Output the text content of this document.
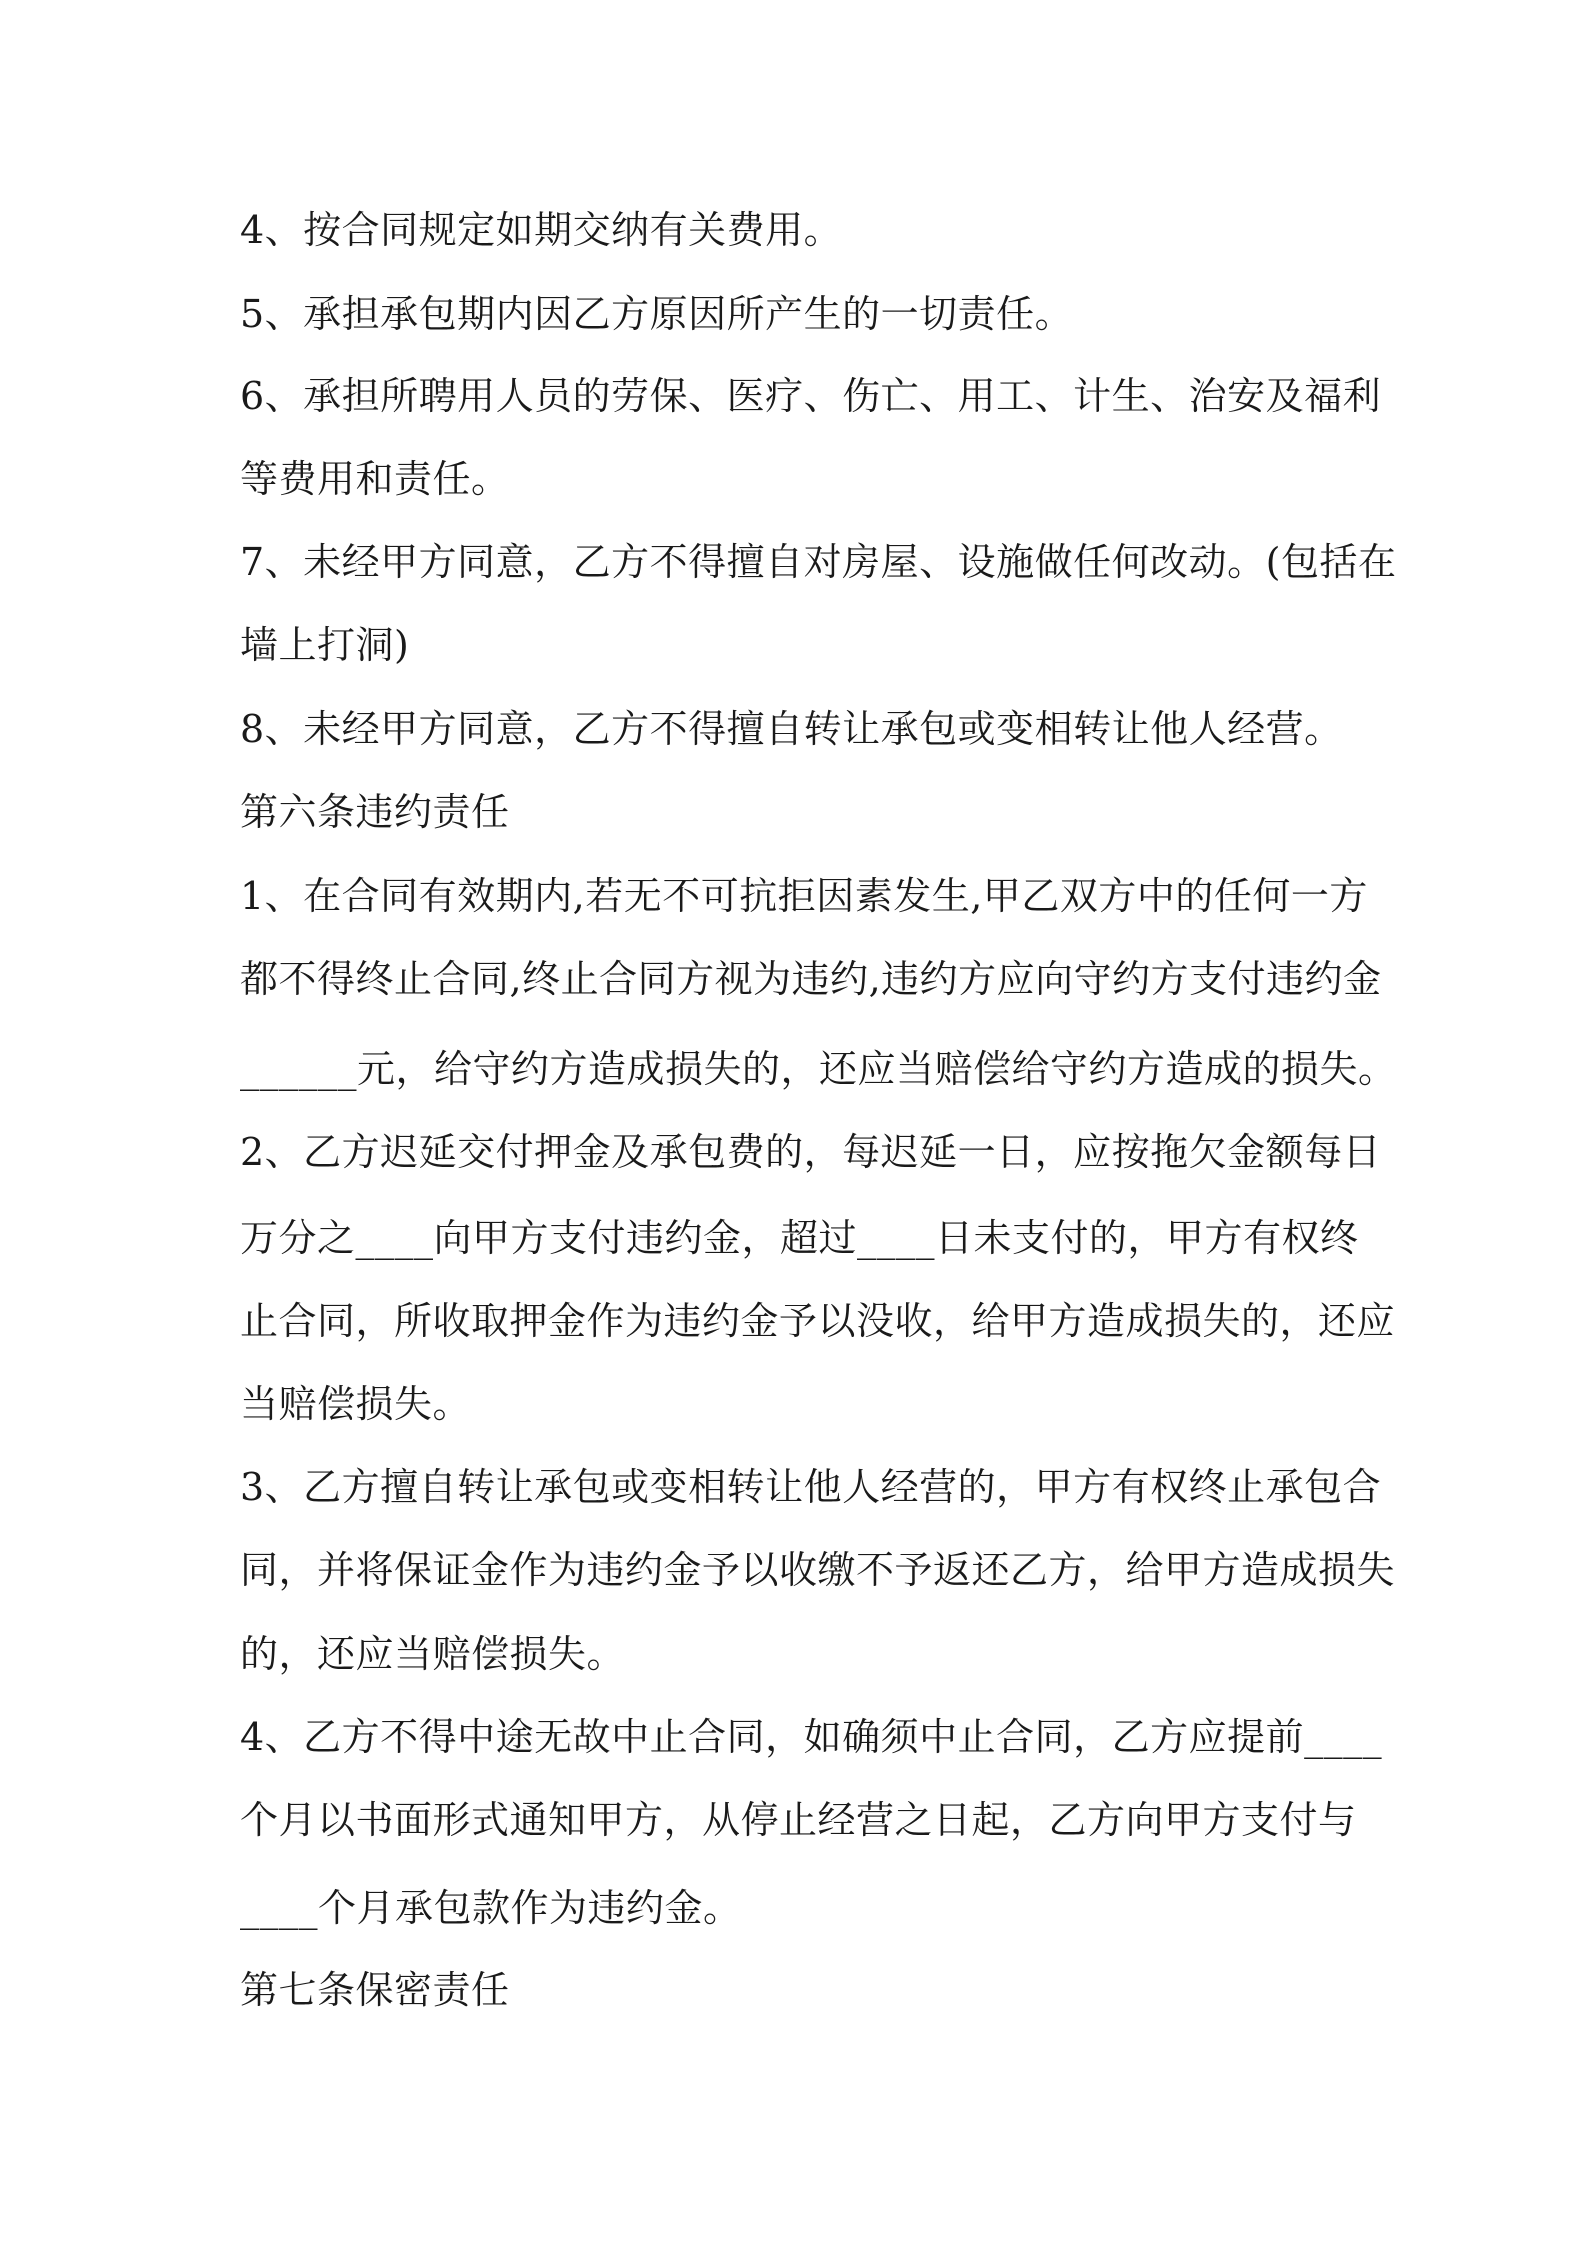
4、按合同规定如期交纳有关费用。
5、承担承包期内因乙方原因所产生的一切责任。
6、承担所聘用人员的劳保、医疗、伤亡、用工、计生、治安及福利
等费用和责任。
7、未经甲方同意，乙方不得擅自对房屋、设施做任何改动。(包括在
墙上打洞)
8、未经甲方同意，乙方不得擅自转让承包或变相转让他人经营。
第六条违约责任
1、在合同有效期内,若无不可抗拒因素发生,甲乙双方中的任何一方
都不得终止合同,终止合同方视为违约,违约方应向守约方支付违约金
______元，给守约方造成损失的，还应当赔偿给守约方造成的损失。
2、乙方迟延交付押金及承包费的，每迟延一日，应按拖欠金额每日
万分之____向甲方支付违约金，超过____日未支付的，甲方有权终
止合同，所收取押金作为违约金予以没收，给甲方造成损失的，还应
当赔偿损失。
3、乙方擅自转让承包或变相转让他人经营的，甲方有权终止承包合
同，并将保证金作为违约金予以收缴不予返还乙方，给甲方造成损失
的，还应当赔偿损失。
4、乙方不得中途无故中止合同，如确须中止合同，乙方应提前____
个月以书面形式通知甲方，从停止经营之日起，乙方向甲方支付与
____个月承包款作为违约金。
第七条保密责任
